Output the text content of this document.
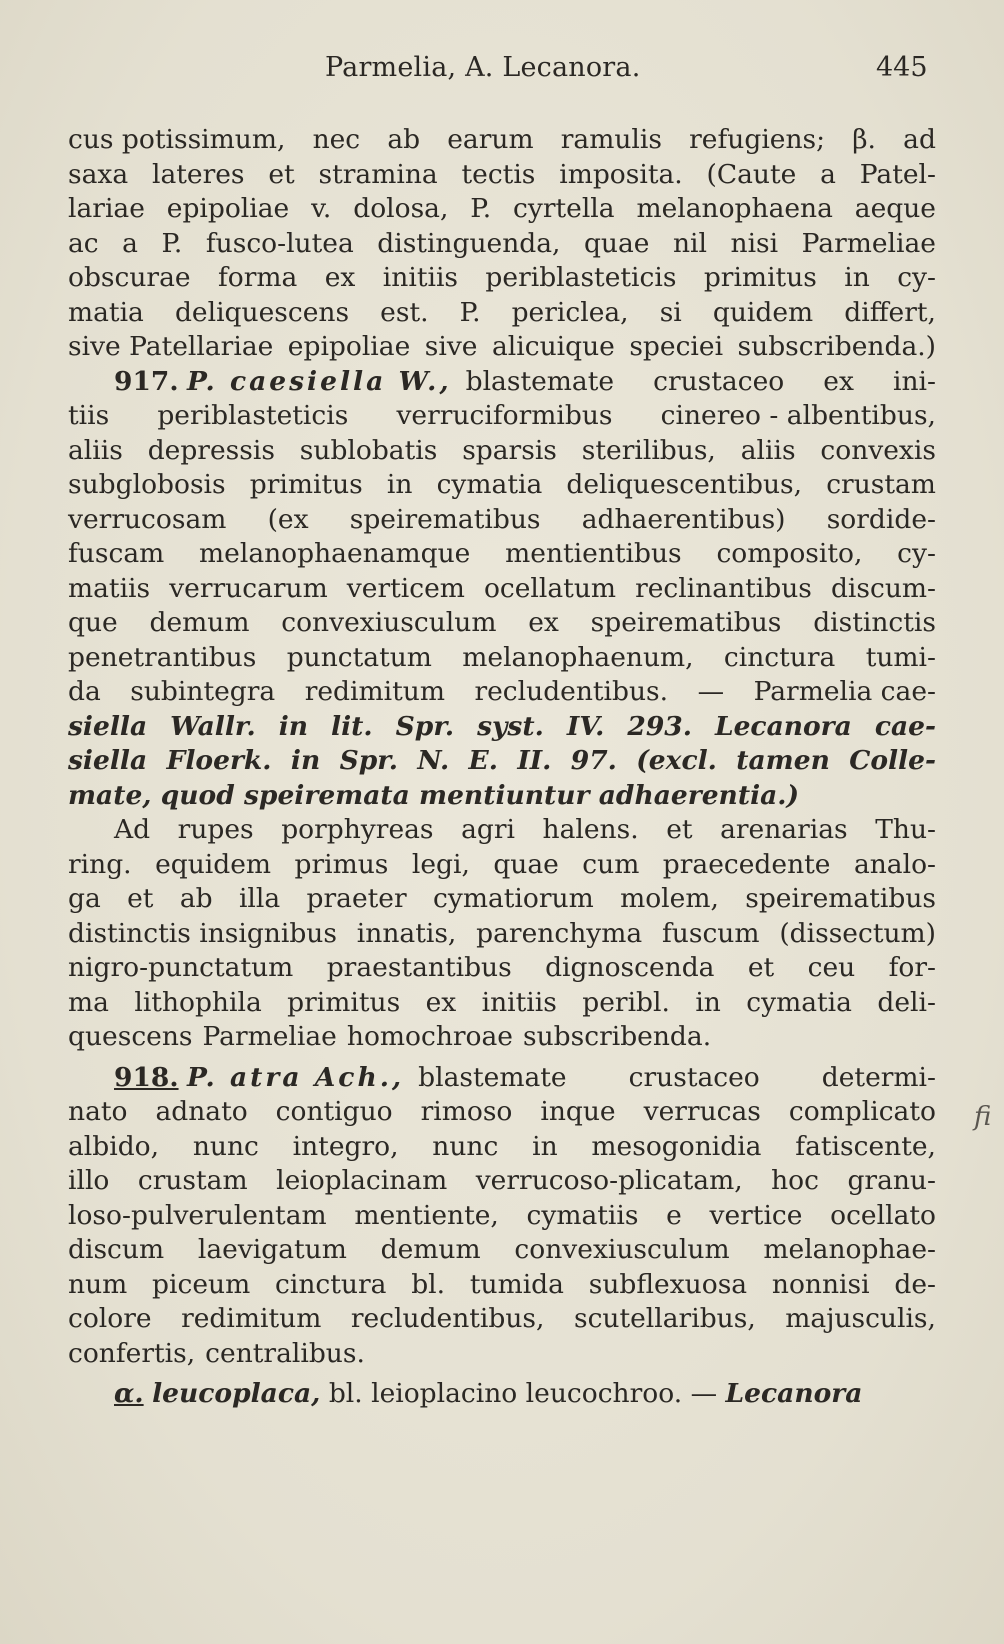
Parmelia, A. Lecanora.	445
cus potissimum, nec ab earum ramulis refugiens; β. ad
saxa lateres et stramina tectis imposita. (Caute a Patel-
lariae epipoliae v. dolosa, P. cyrtella melanophaena aeque
ac a P. fusco-lutea distinguenda, quae nil nisi Parmeliae
obscurae forma ex initiis periblasteticis primitus in cy-
matia deliquescens est. P. periclea, si quidem differt,
sive Patellariae epipoliae sive alicuique speciei subscribenda.)
917. P. caesiella W., blastemate crustaceo ex ini-
tiis periblasteticis verruciformibus cinereo - albentibus,
aliis depressis sublobatis sparsis sterilibus, aliis convexis
subglobosis primitus in cymatia deliquescentibus, crustam
verrucosam (ex speirematibus adhaerentibus) sordide-
fuscam melanophaenamque mentientibus composito, cy-
matiis verrucarum verticem ocellatum reclinantibus discum-
que demum convexiusculum ex speirematibus distinctis
penetrantibus punctatum melanophaenum, cinctura tumi-
da subintegra redimitum recludentibus. — Parmelia cae-
siella Wallr. in lit. Spr. syst. IV. 293. Lecanora cae-
siella Floerk. in Spr. N. E. II. 97. (excl. tamen Colle-
mate, quod speiremata mentiuntur adhaerentia.)
Ad rupes porphyreas agri halens. et arenarias Thu-
ring. equidem primus legi, quae cum praecedente analo-
ga et ab illa praeter cymatiorum molem, speirematibus
distinctis insignibus innatis, parenchyma fuscum (dissectum)
nigro-punctatum praestantibus dignoscenda et ceu for-
ma lithophila primitus ex initiis peribl. in cymatia deli-
quescens Parmeliae homochroae subscribenda.
918. P. atra Ach., blastemate crustaceo determi-
nato adnato contiguo rimoso inque verrucas complicato
albido, nunc integro, nunc in mesogonidia fatiscente,
illo crustam leioplacinam verrucoso-plicatam, hoc granu-
loso-pulverulentam mentiente, cymatiis e vertice ocellato
discum laevigatum demum convexiusculum melanophae-
num piceum cinctura bl. tumida subflexuosa nonnisi de-
colore redimitum recludentibus, scutellaribus, majusculis,
confertis, centralibus.
α.
leucoplaca,
bl. leioplacino leucochroo. —
Lecanora
fi
